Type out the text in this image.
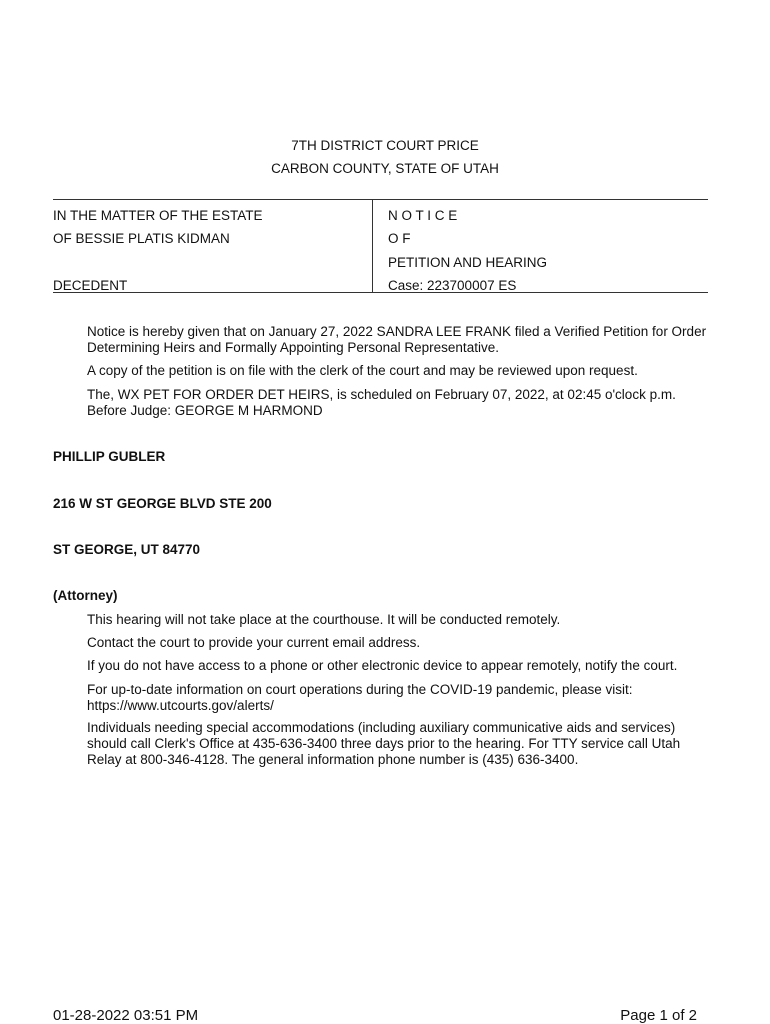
7TH DISTRICT COURT PRICE
CARBON COUNTY, STATE OF UTAH
IN THE MATTER OF THE ESTATE
OF BESSIE PLATIS KIDMAN
DECEDENT
N O T I C E
O F
PETITION AND HEARING
Case: 223700007 ES
Notice is hereby given that on January 27, 2022 SANDRA LEE FRANK filed a Verified Petition for Order Determining Heirs and Formally Appointing Personal Representative.
A copy of the petition is on file with the clerk of the court and may be reviewed upon request.
The, WX PET FOR ORDER DET HEIRS, is scheduled on February 07, 2022, at 02:45 o'clock p.m.
Before Judge: GEORGE M HARMOND
PHILLIP GUBLER
216 W ST GEORGE BLVD STE 200
ST GEORGE, UT 84770
(Attorney)
This hearing will not take place at the courthouse. It will be conducted remotely.
Contact the court to provide your current email address.
If you do not have access to a phone or other electronic device to appear remotely, notify the court.
For up-to-date information on court operations during the COVID-19 pandemic, please visit: https://www.utcourts.gov/alerts/
Individuals needing special accommodations (including auxiliary communicative aids and services) should call Clerk's Office at 435-636-3400 three days prior to the hearing. For TTY service call Utah Relay at 800-346-4128. The general information phone number is (435) 636-3400.
01-28-2022 03:51 PM	Page 1 of 2
